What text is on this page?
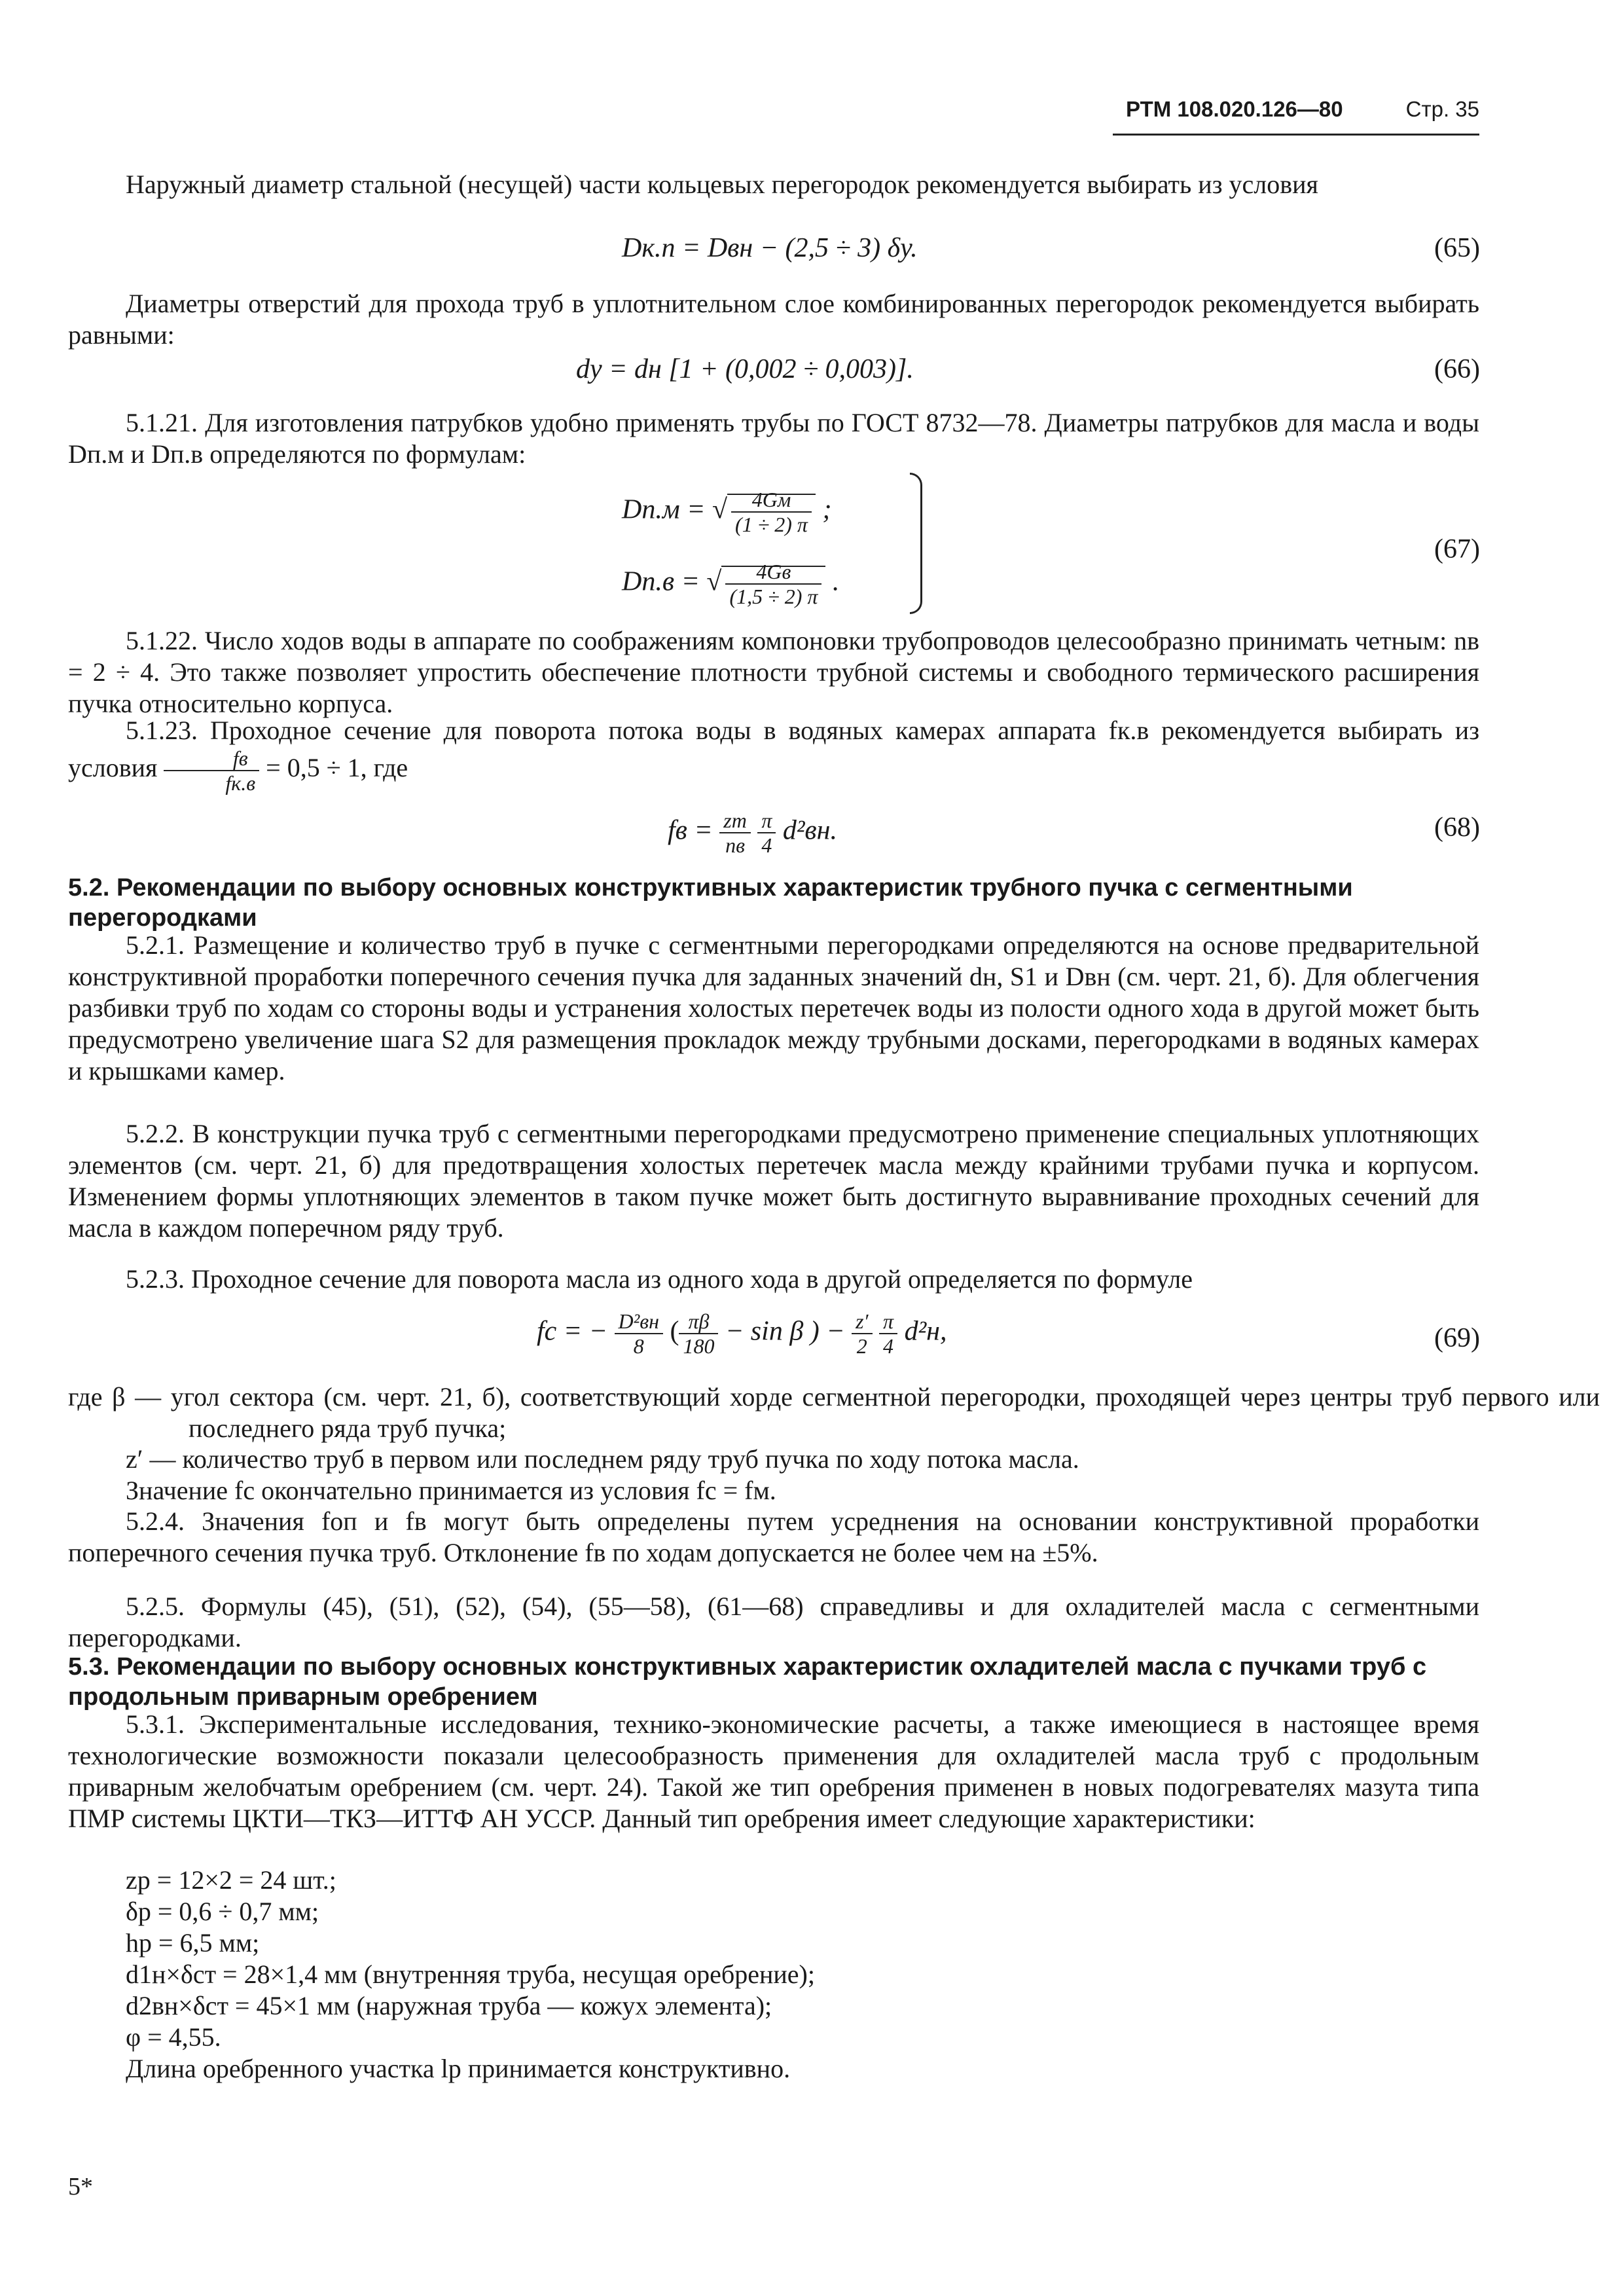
РТМ 108.020.126—80	Стр. 35

Наружный диаметр стальной (несущей) части кольцевых перегородок рекомендуется выбирать из условия

Dк.п = Dвн − (2,5 ÷ 3) δу.	(65)

Диаметры отверстий для прохода труб в уплотнительном слое комбинированных перегородок рекомендуется выбирать равными:

dу = dн [1 + (0,002 ÷ 0,003)].	(66)

5.1.21. Для изготовления патрубков удобно применять трубы по ГОСТ 8732—78. Диаметры патрубков для масла и воды Dп.м и Dп.в определяются по формулам:

Dп.м = √ $\frac{4Gм}{(1 \div 2) \pi}$ ;
Dп.в = √ $\frac{4Gв}{(1,5 \div 2) \pi}$ .
(67)

5.1.22. Число ходов воды в аппарате по соображениям компоновки трубопроводов целесообразно принимать четным: nв = 2 ÷ 4. Это также позволяет упростить обеспечение плотности трубной системы и свободного термического расширения пучка относительно корпуса.

5.1.23. Проходное сечение для поворота потока воды в водяных камерах аппарата fк.в рекомендуется выбирать из условия $\frac{fв}{fк.в} = 0,5 \div 1$, где

fв = $\frac{zт}{nв}$
$\frac{\pi}{4} d^2вн$.	(68)

5.2. Рекомендации по выбору основных конструктивных характеристик трубного пучка с сегментными перегородками

5.2.1. Размещение и количество труб в пучке с сегментными перегородками определяются на основе предварительной конструктивной проработки поперечного сечения пучка для заданных значений dн, S1 и Dвн (см. черт. 21, б). Для облегчения разбивки труб по ходам со стороны воды и устранения холостых перетечек воды из полости одного хода в другой может быть предусмотрено увеличение шага S2 для размещения прокладок между трубными досками, перегородками в водяных камерах и крышками камер.

5.2.2. В конструкции пучка труб с сегментными перегородками предусмотрено применение специальных уплотняющих элементов (см. черт. 21, б) для предотвращения холостых перетечек масла между крайними трубами пучка и корпусом. Изменением формы уплотняющих элементов в таком пучке может быть достигнуто выравнивание проходных сечений для масла в каждом поперечном ряду труб.

5.2.3. Проходное сечение для поворота масла из одного хода в другой определяется по формуле

fс = − $\frac{\text{D²вн}}{8}$ ( $\frac{\pi\beta}{180} - \sin \beta$ ) − $\frac{z'}{2}$
$\frac{\pi}{4} d^2н$,	(69)

где β — угол сектора (см. черт. 21, б), соответствующий хорде сегментной перегородки, проходящей через центры труб первого или последнего ряда труб пучка;

z′ — количество труб в первом или последнем ряду труб пучка по ходу потока масла.

Значение fс окончательно принимается из условия fс = fм.

5.2.4. Значения fоп и fв могут быть определены путем усреднения на основании конструктивной проработки поперечного сечения пучка труб. Отклонение fв по ходам допускается не более чем на ±5%.

5.2.5. Формулы (45), (51), (52), (54), (55—58), (61—68) справедливы и для охладителей масла с сегментными перегородками.

5.3. Рекомендации по выбору основных конструктивных характеристик охладителей масла с пучками труб с продольным приварным оребрением

5.3.1. Экспериментальные исследования, технико-экономические расчеты, а также имеющиеся в настоящее время технологические возможности показали целесообразность применения для охладителей масла труб с продольным приварным желобчатым оребрением (см. черт. 24). Такой же тип оребрения применен в новых подогревателях мазута типа ПМР системы ЦКТИ—ТКЗ—ИТТФ АН УССР. Данный тип оребрения имеет следующие характеристики:

zр = 12×2 = 24 шт.;
δр = 0,6 ÷ 0,7 мм;
hр = 6,5 мм;
d1н×δст = 28×1,4 мм (внутренняя труба, несущая оребрение);
d2вн×δст = 45×1 мм (наружная труба — кожух элемента);
φ = 4,55.

Длина оребренного участка lр принимается конструктивно.

5*
